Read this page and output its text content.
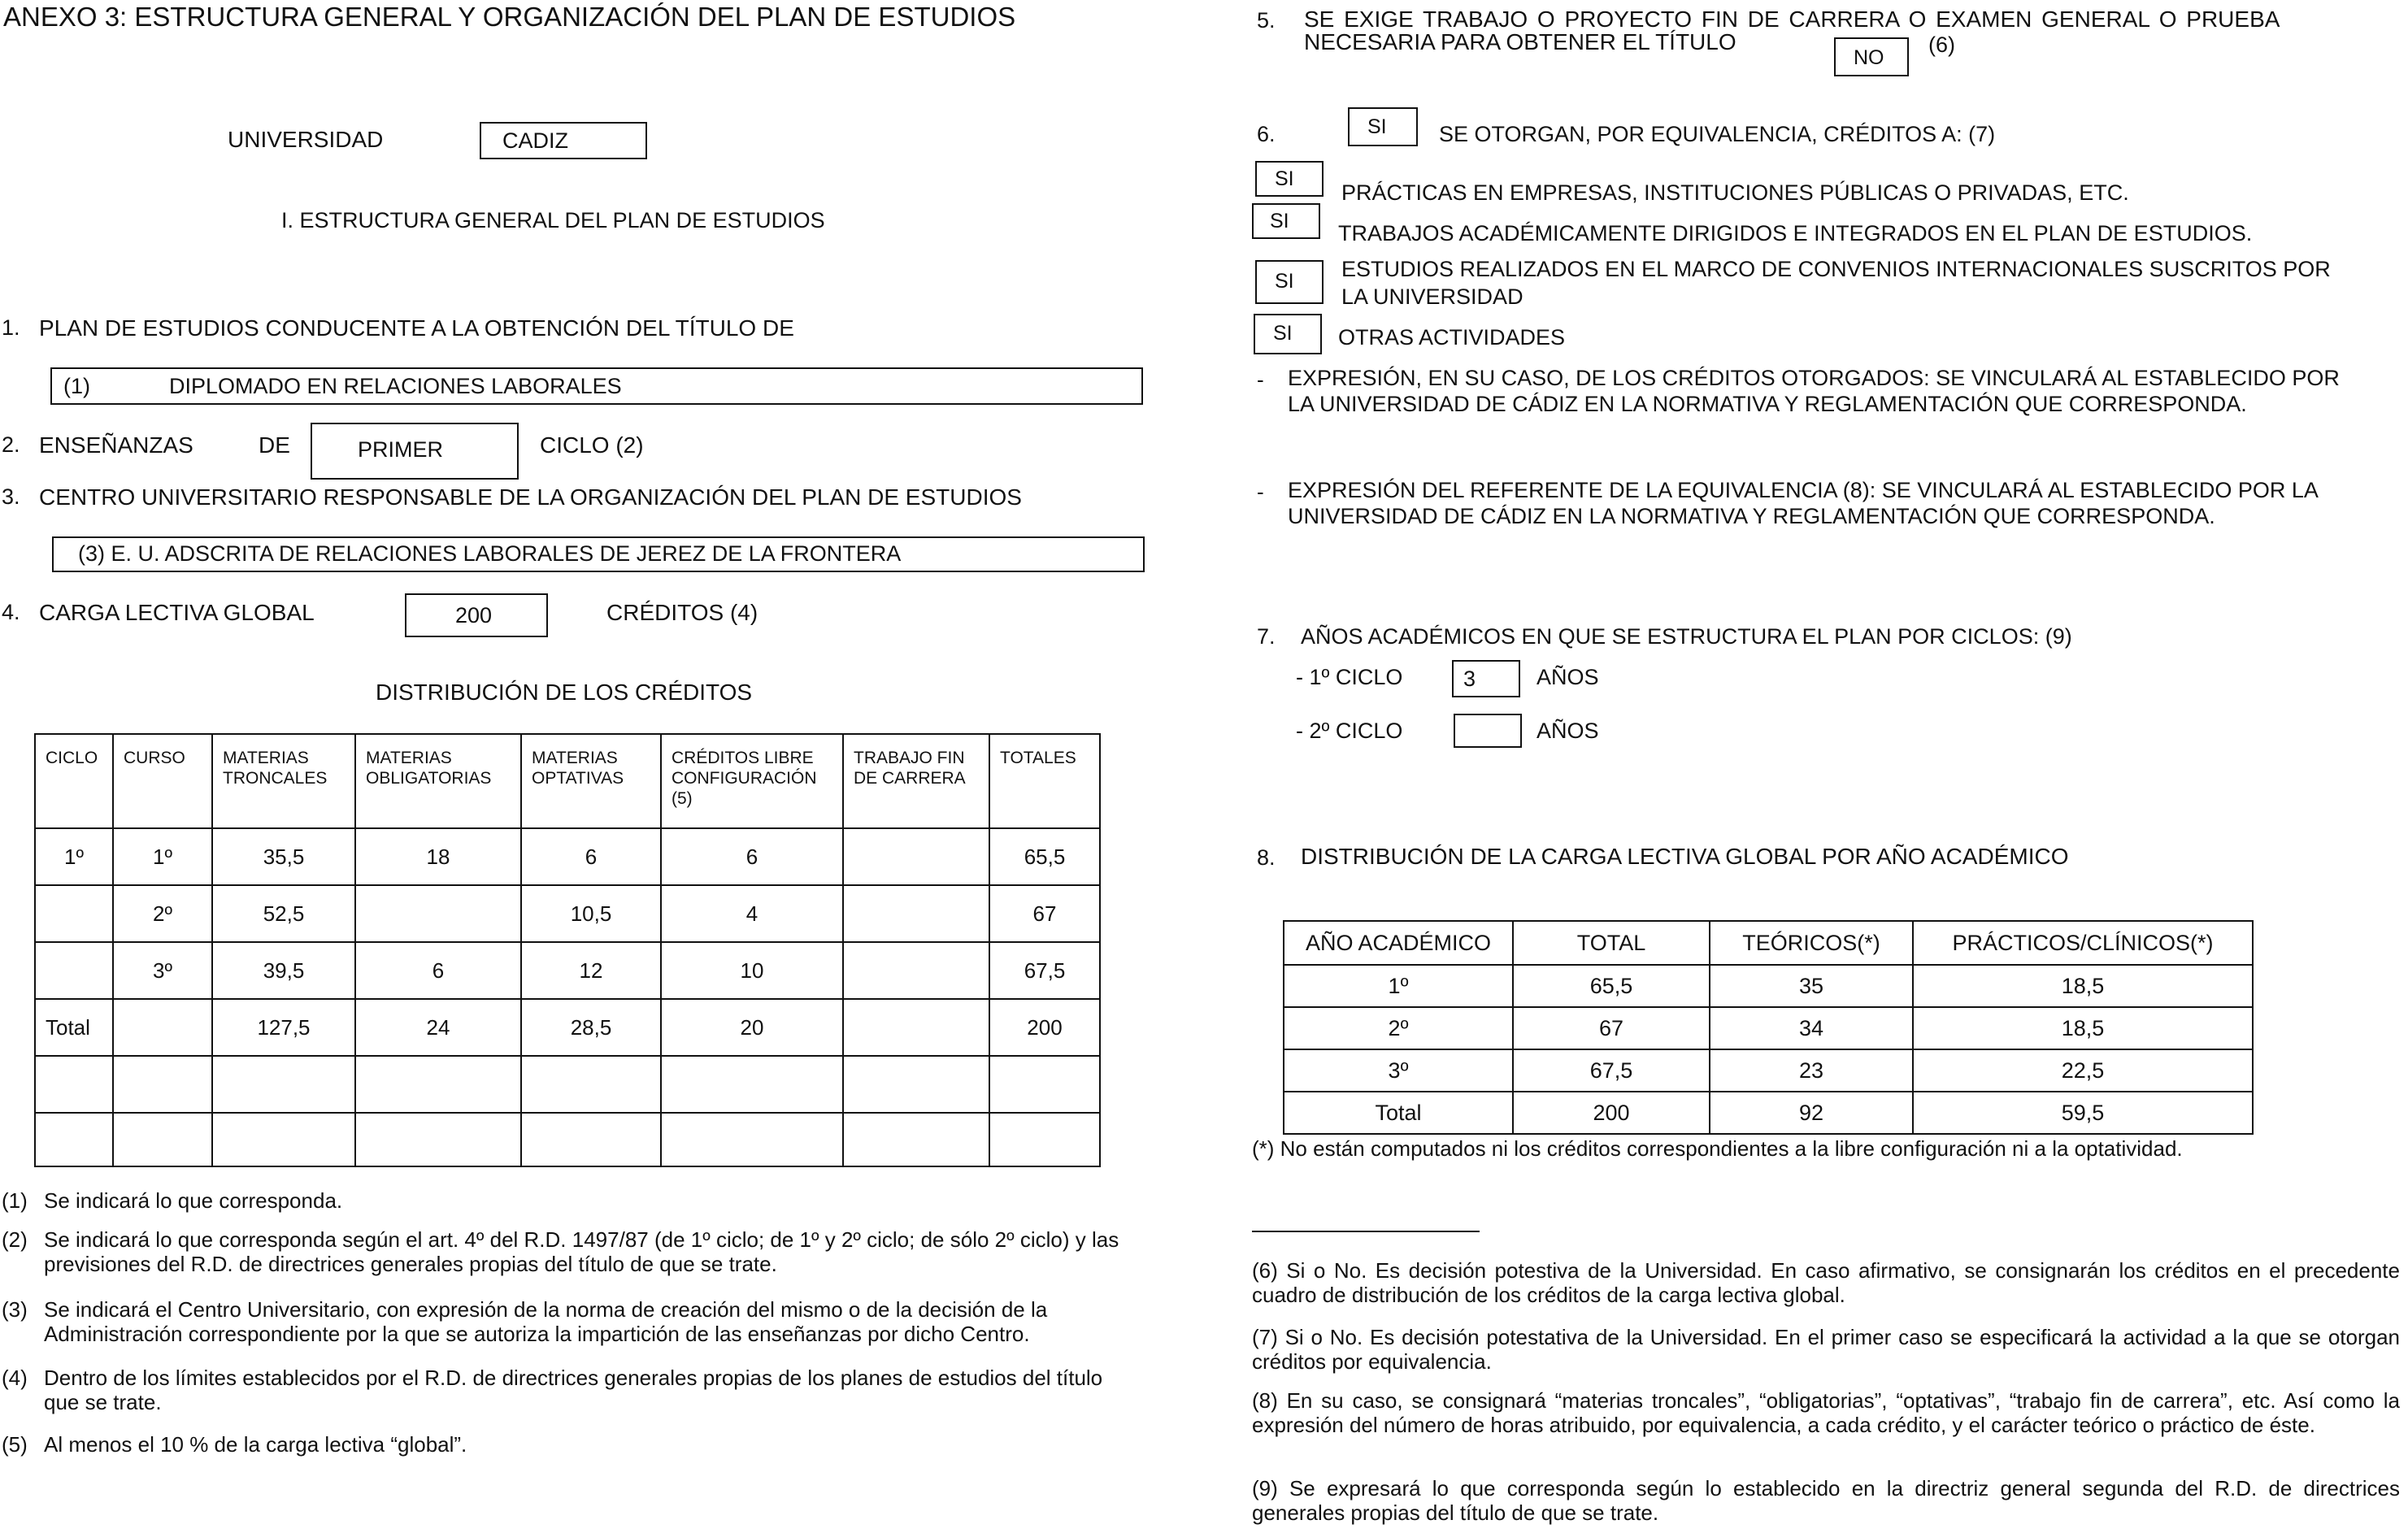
ANEXO 3: ESTRUCTURA GENERAL Y ORGANIZACIÓN DEL PLAN DE ESTUDIOS
UNIVERSIDAD	CADIZ
I. ESTRUCTURA GENERAL DEL PLAN DE ESTUDIOS
1. PLAN DE ESTUDIOS CONDUCENTE A LA OBTENCIÓN DEL TÍTULO DE
(1)	DIPLOMADO EN RELACIONES LABORALES
2. ENSEÑANZAS	DE	PRIMER	CICLO (2)
3. CENTRO UNIVERSITARIO RESPONSABLE DE LA ORGANIZACIÓN DEL PLAN DE ESTUDIOS
(3) E. U. ADSCRITA DE RELACIONES LABORALES DE JEREZ DE LA FRONTERA
4. CARGA LECTIVA GLOBAL	200	CRÉDITOS (4)
DISTRIBUCIÓN DE LOS CRÉDITOS
CICLO	CURSO	MATERIAS TRONCALES	MATERIAS OBLIGATORIAS	MATERIAS OPTATIVAS	CRÉDITOS LIBRE CONFIGURACIÓN (5)	TRABAJO FIN DE CARRERA	TOTALES
1º	1º	35,5	18	6	6		65,5
	2º	52,5		10,5	4		67
	3º	39,5	6	12	10		67,5
Total		127,5	24	28,5	20		200

(1) Se indicará lo que corresponda.
(2) Se indicará lo que corresponda según el art. 4º del R.D. 1497/87 (de 1º ciclo; de 1º y 2º ciclo; de sólo 2º ciclo) y las previsiones del R.D. de directrices generales propias del título de que se trate.
(3) Se indicará el Centro Universitario, con expresión de la norma de creación del mismo o de la decisión de la Administración correspondiente por la que se autoriza la impartición de las enseñanzas por dicho Centro.
(4) Dentro de los límites establecidos por el R.D. de directrices generales propias de los planes de estudios del título que se trate.
(5) Al menos el 10 % de la carga lectiva “global”.
5. SE EXIGE TRABAJO O PROYECTO FIN DE CARRERA O EXAMEN GENERAL O PRUEBA
NECESARIA PARA OBTENER EL TÍTULO
NO
(6)
6.	SI SE OTORGAN, POR EQUIVALENCIA, CRÉDITOS A: (7)
SI
PRÁCTICAS EN EMPRESAS, INSTITUCIONES PÚBLICAS O PRIVADAS, ETC.
SI TRABAJOS ACADÉMICAMENTE DIRIGIDOS E INTEGRADOS EN EL PLAN DE ESTUDIOS.
SI ESTUDIOS REALIZADOS EN EL MARCO DE CONVENIOS INTERNACIONALES SUSCRITOS POR
LA UNIVERSIDAD
SI OTRAS ACTIVIDADES
- EXPRESIÓN, EN SU CASO, DE LOS CRÉDITOS OTORGADOS: SE VINCULARÁ AL ESTABLECIDO POR
LA UNIVERSIDAD DE CÁDIZ EN LA NORMATIVA Y REGLAMENTACIÓN QUE CORRESPONDA.
- EXPRESIÓN DEL REFERENTE DE LA EQUIVALENCIA (8): SE VINCULARÁ AL ESTABLECIDO POR LA
UNIVERSIDAD DE CÁDIZ EN LA NORMATIVA Y REGLAMENTACIÓN QUE CORRESPONDA.
7. AÑOS ACADÉMICOS EN QUE SE ESTRUCTURA EL PLAN POR CICLOS: (9)
- 1º CICLO	3	AÑOS
- 2º CICLO	AÑOS
8. DISTRIBUCIÓN DE LA CARGA LECTIVA GLOBAL POR AÑO ACADÉMICO
AÑO ACADÉMICO	TOTAL	TEÓRICOS(*)	PRÁCTICOS/CLÍNICOS(*)
1º	65,5	35	18,5
2º	67	34	18,5
3º	67,5	23	22,5
Total	200	92	59,5
(*) No están computados ni los créditos correspondientes a la libre configuración ni a la optatividad.
(6) Si o No. Es decisión potestiva de la Universidad. En caso afirmativo, se consignarán los créditos en el precedente cuadro de distribución de los créditos de la carga lectiva global.
(7) Si o No. Es decisión potestativa de la Universidad. En el primer caso se especificará la actividad a la que se otorgan créditos por equivalencia.
(8) En su caso, se consignará “materias troncales”, “obligatorias”, “optativas”, “trabajo fin de carrera”, etc. Así como la expresión del número de horas atribuido, por equivalencia, a cada crédito, y el carácter teórico o práctico de éste.
(9) Se expresará lo que corresponda según lo establecido en la directriz general segunda del R.D. de directrices generales propias del título de que se trate.
